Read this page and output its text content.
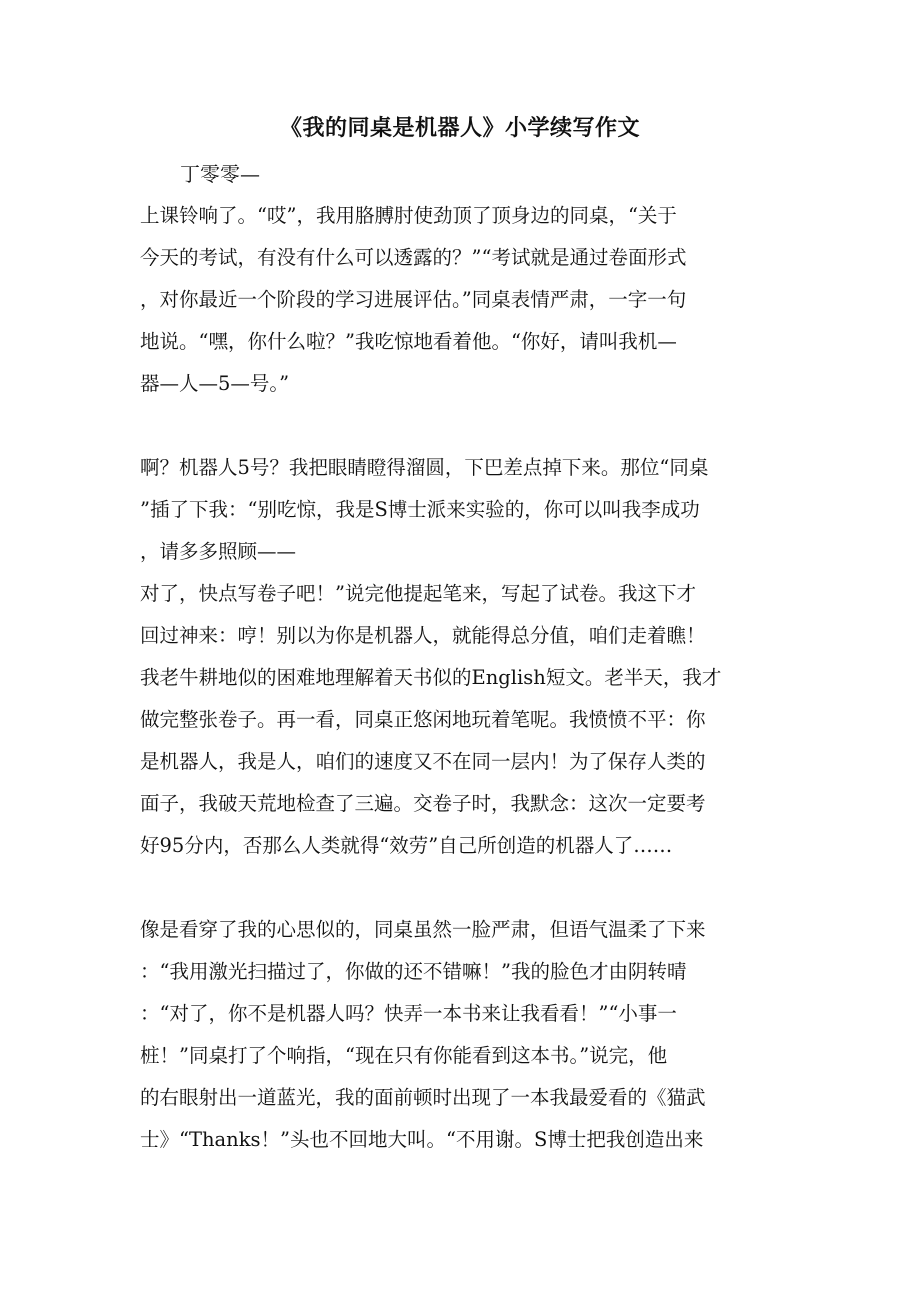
《我的同桌是机器人》小学续写作文
丁零零—
上课铃响了。“哎”，我用胳膊肘使劲顶了顶身边的同桌，“关于
今天的考试，有没有什么可以透露的？”“考试就是通过卷面形式
，对你最近一个阶段的学习进展评估。”同桌表情严肃，一字一句
地说。“嘿，你什么啦？”我吃惊地看着他。“你好，请叫我机—
器—人—5—号。”
啊？机器人5号？我把眼睛瞪得溜圆，下巴差点掉下来。那位“同桌
”插了下我：“别吃惊，我是S博士派来实验的，你可以叫我李成功
，请多多照顾——
对了，快点写卷子吧！”说完他提起笔来，写起了试卷。我这下才
回过神来：哼！别以为你是机器人，就能得总分值，咱们走着瞧！
我老牛耕地似的困难地理解着天书似的English短文。老半天，我才
做完整张卷子。再一看，同桌正悠闲地玩着笔呢。我愤愤不平：你
是机器人，我是人，咱们的速度又不在同一层内！为了保存人类的
面子，我破天荒地检查了三遍。交卷子时，我默念：这次一定要考
好95分内，否那么人类就得“效劳”自己所创造的机器人了……
像是看穿了我的心思似的，同桌虽然一脸严肃，但语气温柔了下来
：“我用激光扫描过了，你做的还不错嘛！”我的脸色才由阴转晴
：“对了，你不是机器人吗？快弄一本书来让我看看！”“小事一
桩！”同桌打了个响指，“现在只有你能看到这本书。”说完，他
的右眼射出一道蓝光，我的面前顿时出现了一本我最爱看的《猫武
士》“Thanks！”头也不回地大叫。“不用谢。S博士把我创造出来
